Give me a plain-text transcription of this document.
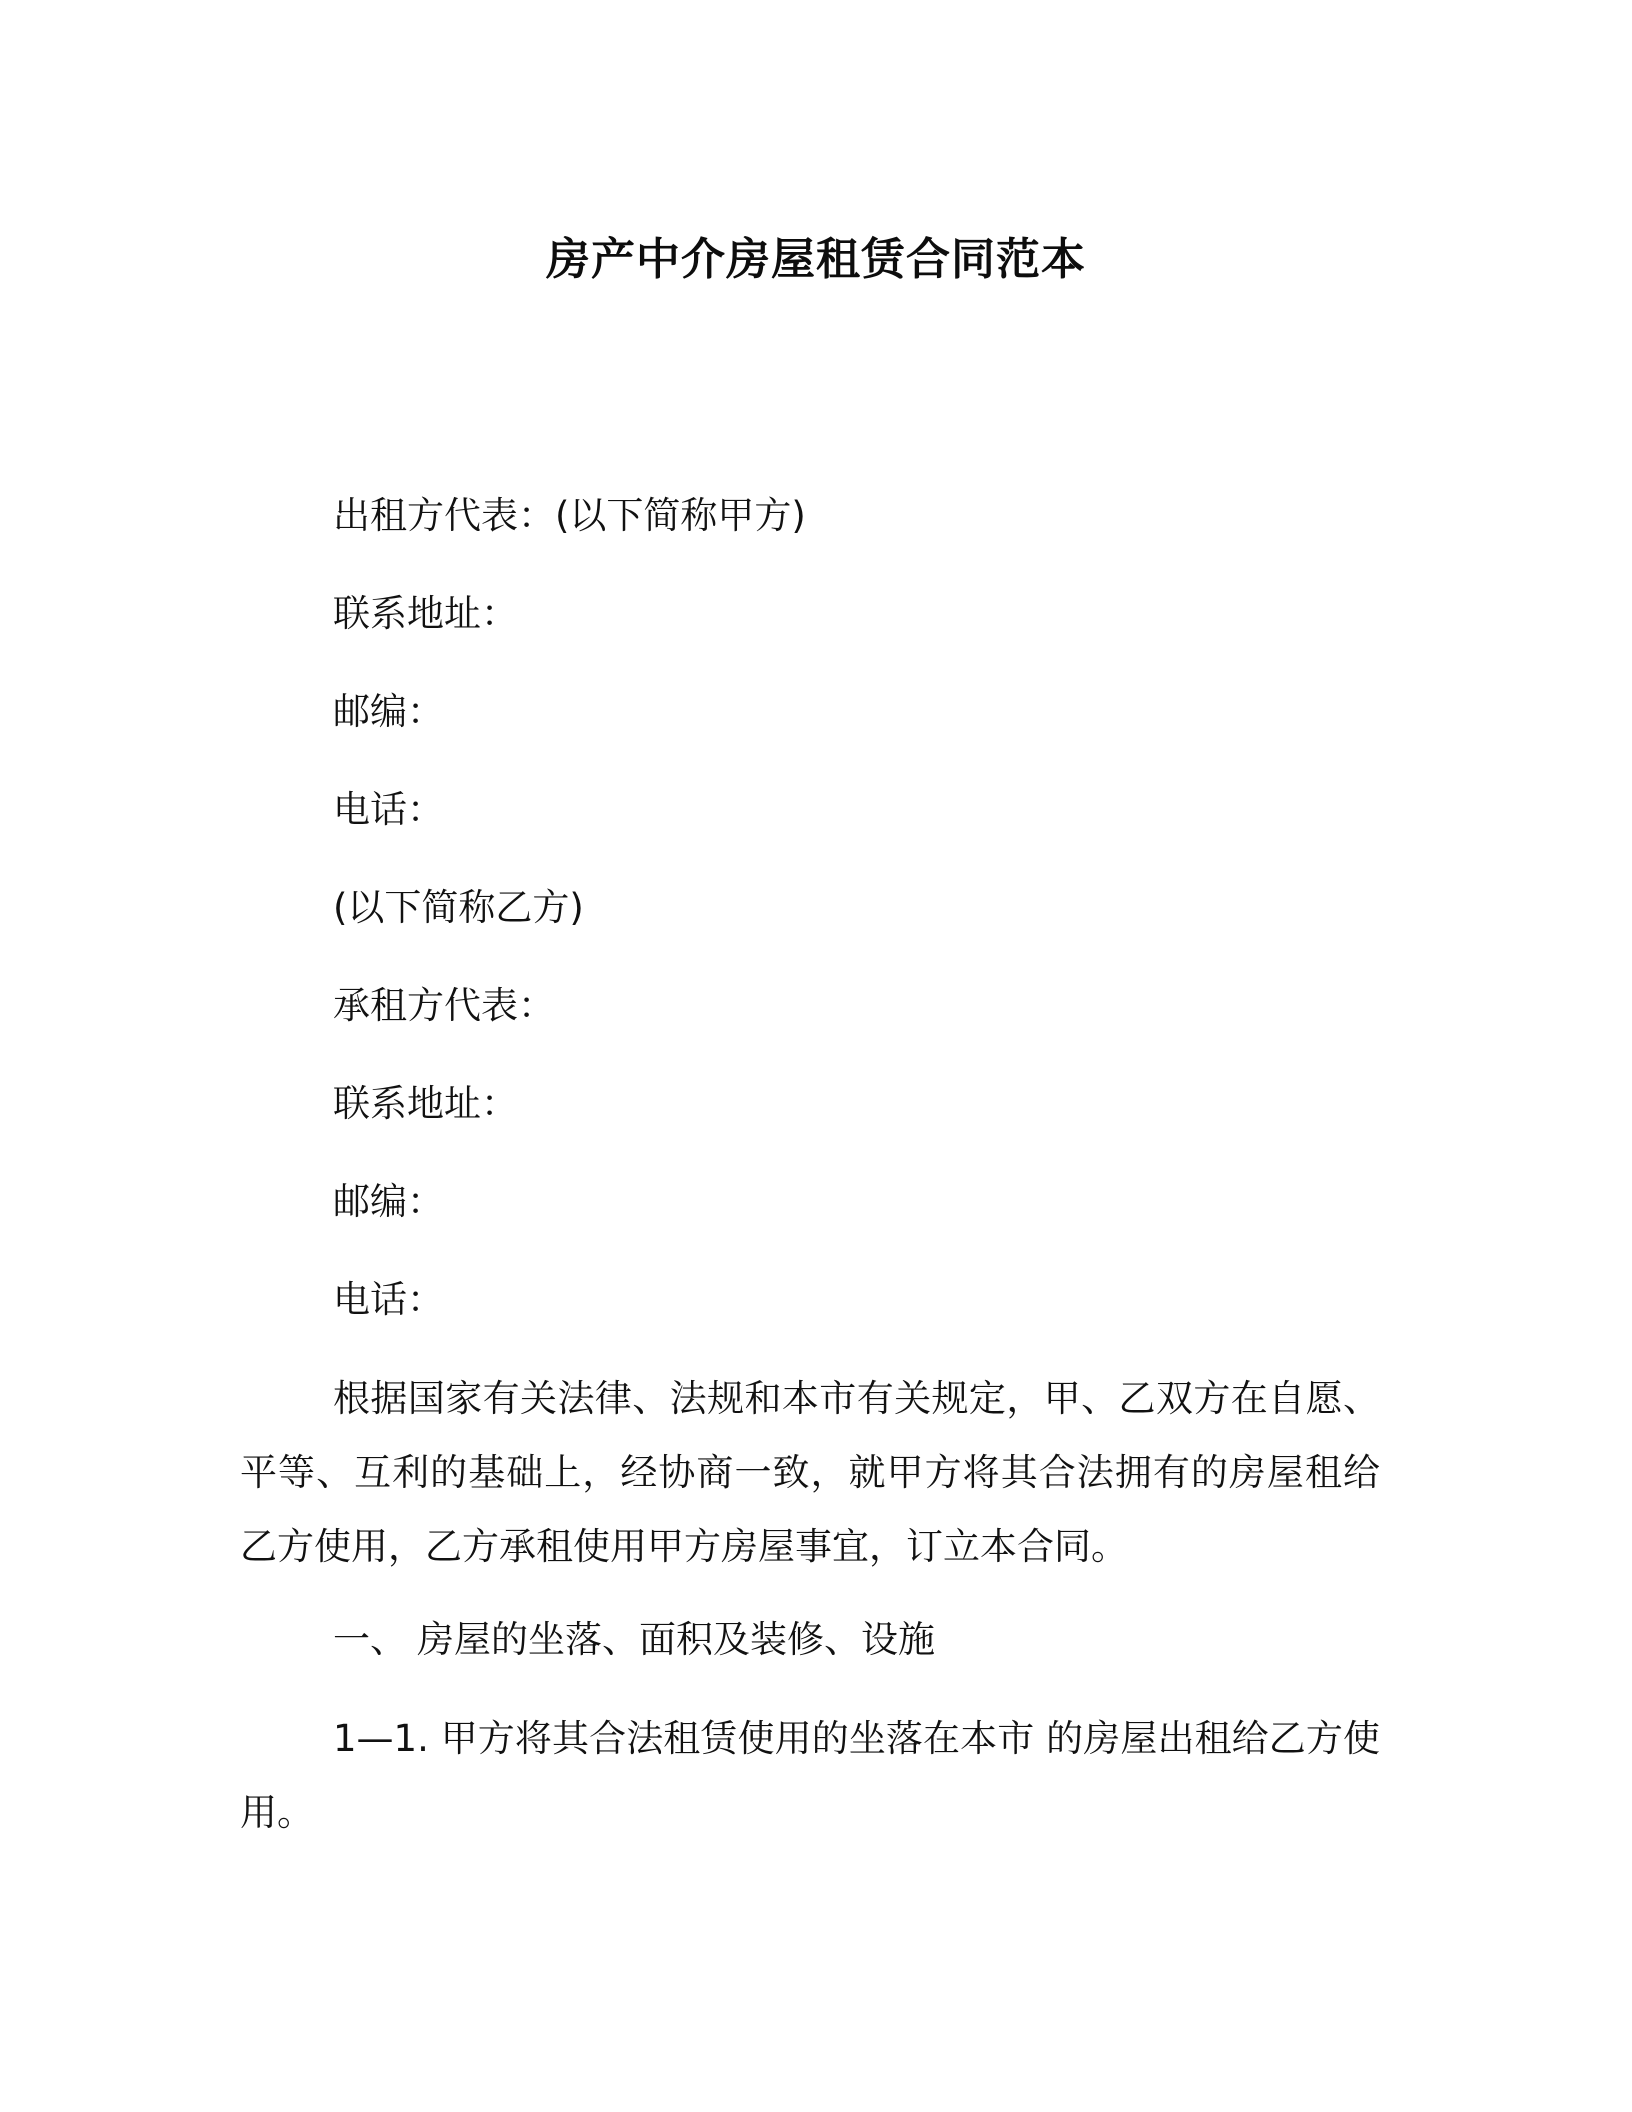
房产中介房屋租赁合同范本
出租方代表：(以下简称甲方)
联系地址：
邮编：
电话：
(以下简称乙方)
承租方代表：
联系地址：
邮编：
电话：
根据国家有关法律、法规和本市有关规定，甲、乙双方在自愿、平等、互利的基础上，经协商一致，就甲方将其合法拥有的房屋租给乙方使用，乙方承租使用甲方房屋事宜，订立本合同。
一、 房屋的坐落、面积及装修、设施
1—1. 甲方将其合法租赁使用的坐落在本市 的房屋出租给乙方使用。
